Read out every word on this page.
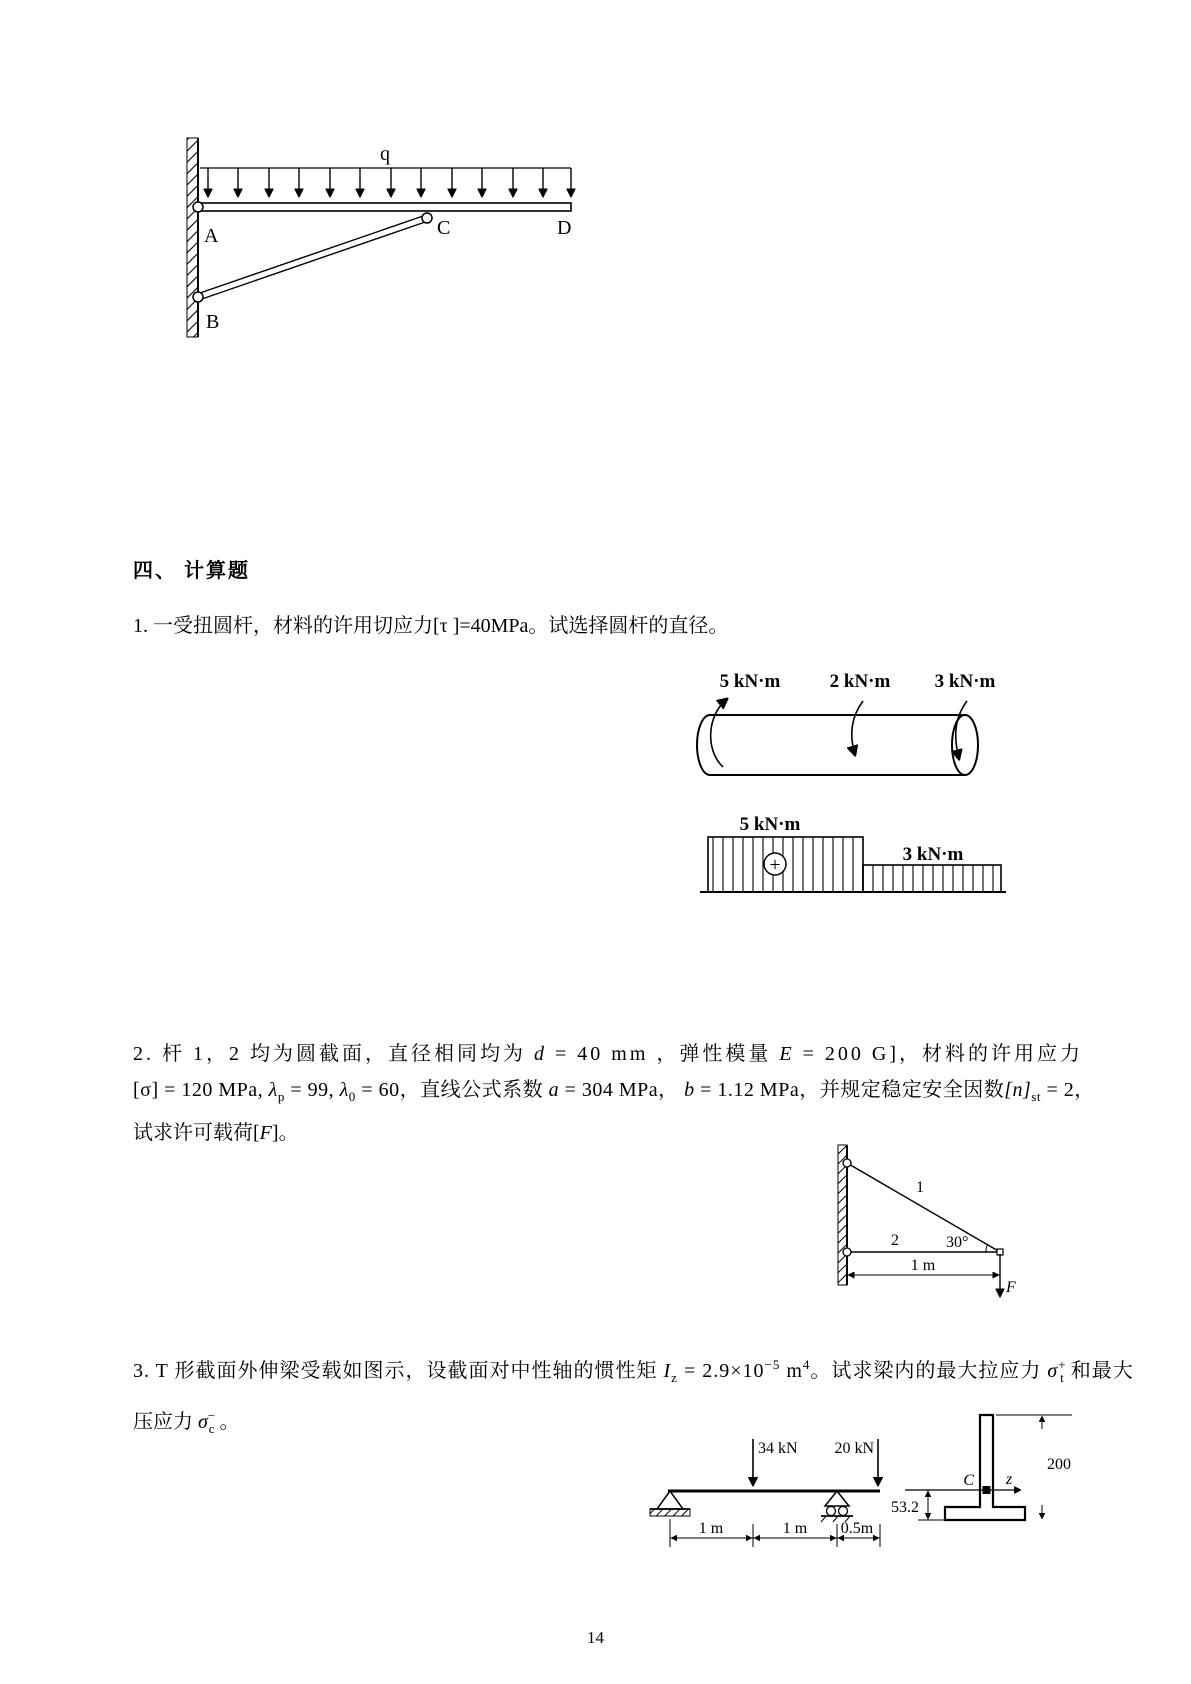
q
A
B
C	D
四、 计算题
1. 一受扭圆杆，材料的许用切应力[τ ]=40MPa。试选择圆杆的直径。
5 kN·m	2 kN·m 3 kN·m
+
5 kN·m
3 kN·m
2. 杆 1，2 均为圆截面，直径相同均为 d = 40 mm ，弹性模量 E = 200 G]，材料的许用应力
[σ] = 120 MPa, $\lambda_p = 99$, $\lambda_0 = 60$，直线公式系数 a = 304 MPa， b = 1.12 MPa，并规定稳定安全因数$[n]_{st} = 2$，
试求许可载荷[F]。
1
2	30°
1 m
F
3. T 形截面外伸梁受载如图示，设截面对中性轴的惯性矩 $I_z = 2.9\times 10^{-5}$ $m^4$。试求梁内的最大拉应力 $\sigma^+_t$ 和最大
压应力 $\sigma^-_c$ 。
34 kN 20 kN
1 m	1 m 0.5m
C z
200
53.2
14
